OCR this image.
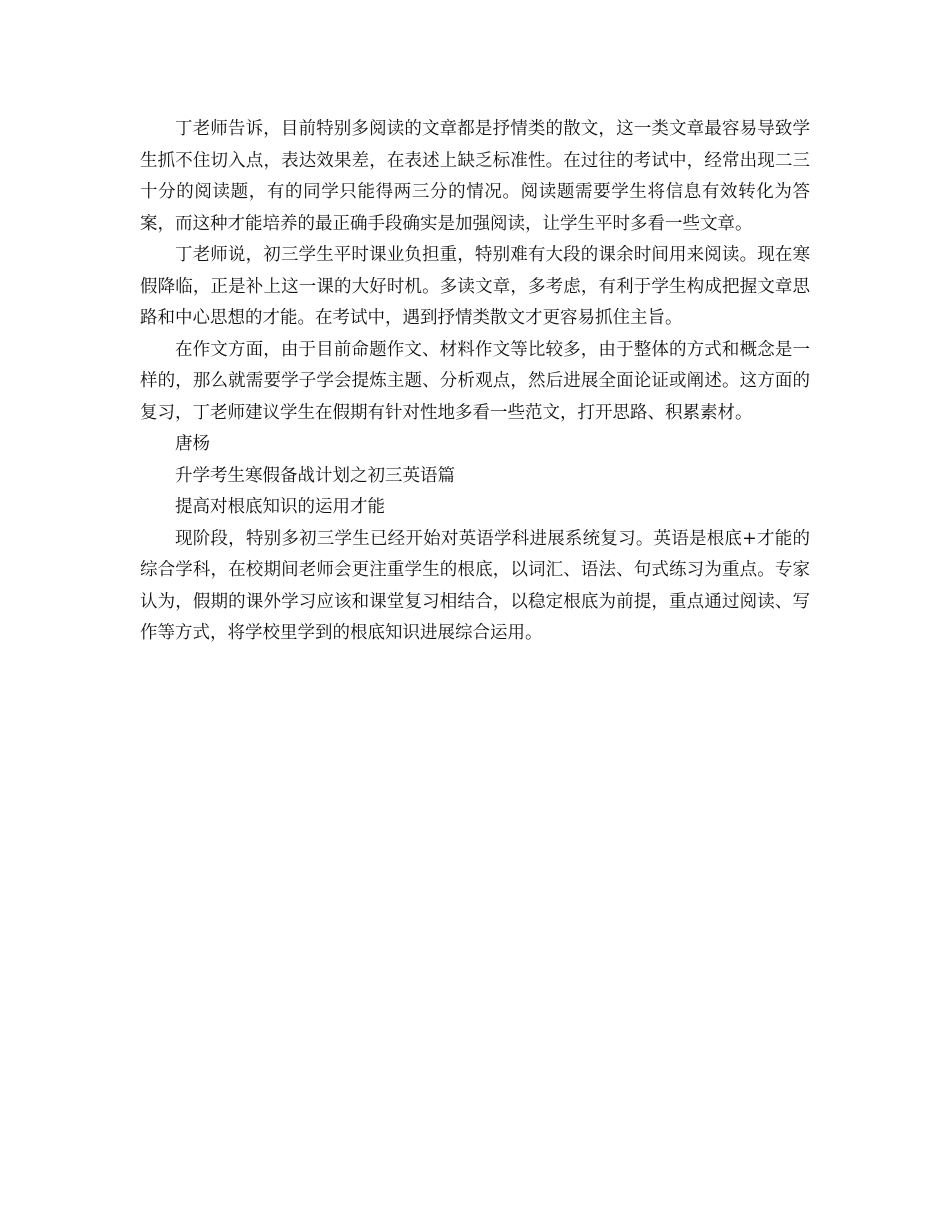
丁老师告诉，目前特别多阅读的文章都是抒情类的散文，这一类文章最容易导致学生抓不住切入点，表达效果差，在表述上缺乏标准性。在过往的考试中，经常出现二三十分的阅读题，有的同学只能得两三分的情况。阅读题需要学生将信息有效转化为答案，而这种才能培养的最正确手段确实是加强阅读，让学生平时多看一些文章。

丁老师说，初三学生平时课业负担重，特别难有大段的课余时间用来阅读。现在寒假降临，正是补上这一课的大好时机。多读文章，多考虑，有利于学生构成把握文章思路和中心思想的才能。在考试中，遇到抒情类散文才更容易抓住主旨。

在作文方面，由于目前命题作文、材料作文等比较多，由于整体的方式和概念是一样的，那么就需要学子学会提炼主题、分析观点，然后进展全面论证或阐述。这方面的复习，丁老师建议学生在假期有针对性地多看一些范文，打开思路、积累素材。

唐杨

升学考生寒假备战计划之初三英语篇

提高对根底知识的运用才能

现阶段，特别多初三学生已经开始对英语学科进展系统复习。英语是根底+才能的综合学科，在校期间老师会更注重学生的根底，以词汇、语法、句式练习为重点。专家认为，假期的课外学习应该和课堂复习相结合，以稳定根底为前提，重点通过阅读、写作等方式，将学校里学到的根底知识进展综合运用。
